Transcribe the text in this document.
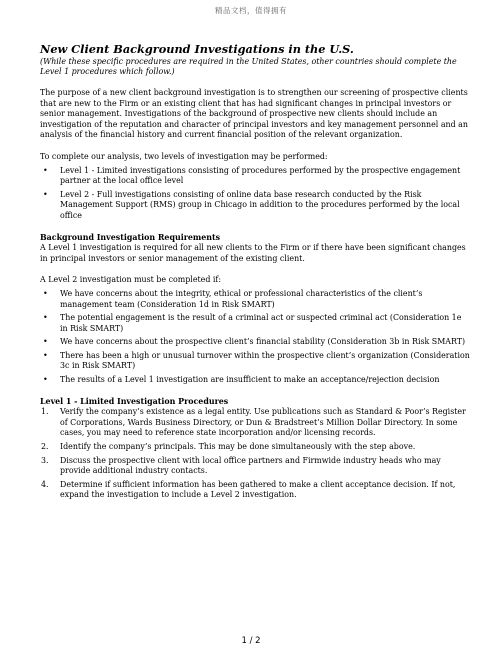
精品文档，值得拥有
New Client Background Investigations in the U.S.

(While these specific procedures are required in the United States, other countries should complete the Level 1 procedures which follow.)

The purpose of a new client background investigation is to strengthen our screening of prospective clients that are new to the Firm or an existing client that has had significant changes in principal investors or senior management. Investigations of the background of prospective new clients should include an investigation of the reputation and character of principal investors and key management personnel and an analysis of the financial history and current financial position of the relevant organization.

To complete our analysis, two levels of investigation may be performed:

• Level 1 - Limited investigations consisting of procedures performed by the prospective engagement partner at the local office level
• Level 2 - Full investigations consisting of online data base research conducted by the Risk Management Support (RMS) group in Chicago in addition to the procedures performed by the local office
Background Investigation Requirements

A Level 1 investigation is required for all new clients to the Firm or if there have been significant changes in principal investors or senior management of the existing client.

A Level 2 investigation must be completed if:

• We have concerns about the integrity, ethical or professional characteristics of the client’s management team (Consideration 1d in Risk SMART)
• The potential engagement is the result of a criminal act or suspected criminal act (Consideration 1e in Risk SMART)
• We have concerns about the prospective client’s financial stability (Consideration 3b in Risk SMART)
• There has been a high or unusual turnover within the prospective client’s organization (Consideration 3c in Risk SMART)
• The results of a Level 1 investigation are insufficient to make an acceptance/rejection decision
Level 1 - Limited Investigation Procedures
1. Verify the company’s existence as a legal entity. Use publications such as Standard & Poor’s Register of Corporations, Wards Business Directory, or Dun & Bradstreet’s Million Dollar Directory. In some cases, you may need to reference state incorporation and/or licensing records.
2. Identify the company’s principals. This may be done simultaneously with the step above.
3. Discuss the prospective client with local office partners and Firmwide industry heads who may provide additional industry contacts.
4. Determine if sufficient information has been gathered to make a client acceptance decision. If not, expand the investigation to include a Level 2 investigation.
1 / 2
